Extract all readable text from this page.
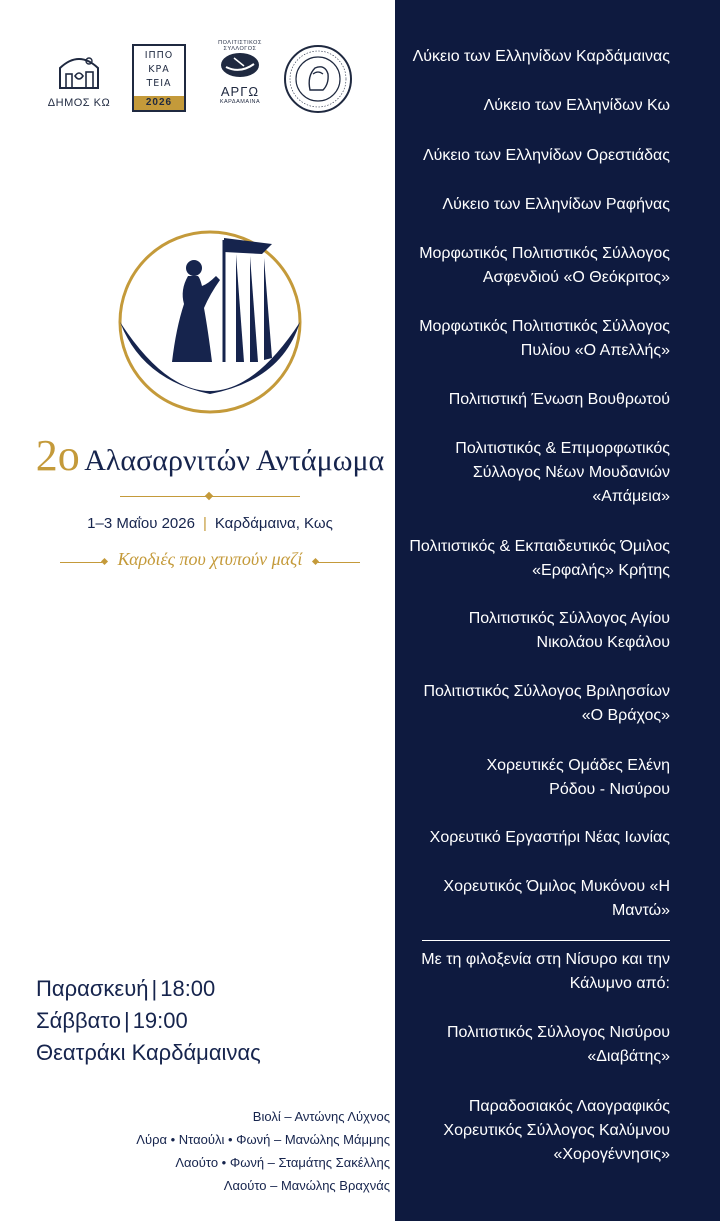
ΔΗΜΟΣ ΚΩ
ΙΠΠΟ
ΚΡΑ
ΤΕΙΑ
2026
ΠΟΛΙΤΙΣΤΙΚΟΣ ΣΥΛΛΟΓΟΣ
ΑΡΓΩ
ΚΑΡΔΑΜΑΙΝΑ
2ο Αλασαρνιτών Αντάμωμα
1–3 Μαΐου 2026 | Καρδάμαινα, Κως
Καρδιές που χτυπούν μαζί
Παρασκευή | 18:00
Σάββατο | 19:00
Θεατράκι Καρδάμαινας
Βιολί – Αντώνης Λύχνος
Λύρα • Νταούλι • Φωνή – Μανώλης Μάμμης
Λαούτο • Φωνή – Σταμάτης Σακέλλης
Λαούτο – Μανώλης Βραχνάς
Λύκειο των Ελληνίδων Καρδάμαινας
Λύκειο των Ελληνίδων Κω
Λύκειο των Ελληνίδων Ορεστιάδας
Λύκειο των Ελληνίδων Ραφήνας
Μορφωτικός Πολιτιστικός Σύλλογος
Ασφενδιού «Ο Θεόκριτος»
Μορφωτικός Πολιτιστικός Σύλλογος
Πυλίου «Ο Απελλής»
Πολιτιστική Ένωση Βουθρωτού
Πολιτιστικός & Επιμορφωτικός
Σύλλογος Νέων Μουδανιών
«Απάμεια»
Πολιτιστικός & Εκπαιδευτικός Όμιλος
«Ερφαλής» Κρήτης
Πολιτιστικός Σύλλογος Αγίου
Νικολάου Κεφάλου
Πολιτιστικός Σύλλογος Βριλησσίων
«Ο Βράχος»
Χορευτικές Ομάδες Ελένη
Ρόδου - Νισύρου
Χορευτικό Εργαστήρι Νέας Ιωνίας
Χορευτικός Όμιλος Μυκόνου «Η
Μαντώ»
Με τη φιλοξενία στη Νίσυρο και την
Κάλυμνο από:
Πολιτιστικός Σύλλογος Νισύρου
«Διαβάτης»
Παραδοσιακός Λαογραφικός
Χορευτικός Σύλλογος Καλύμνου
«Χορογέννησις»
